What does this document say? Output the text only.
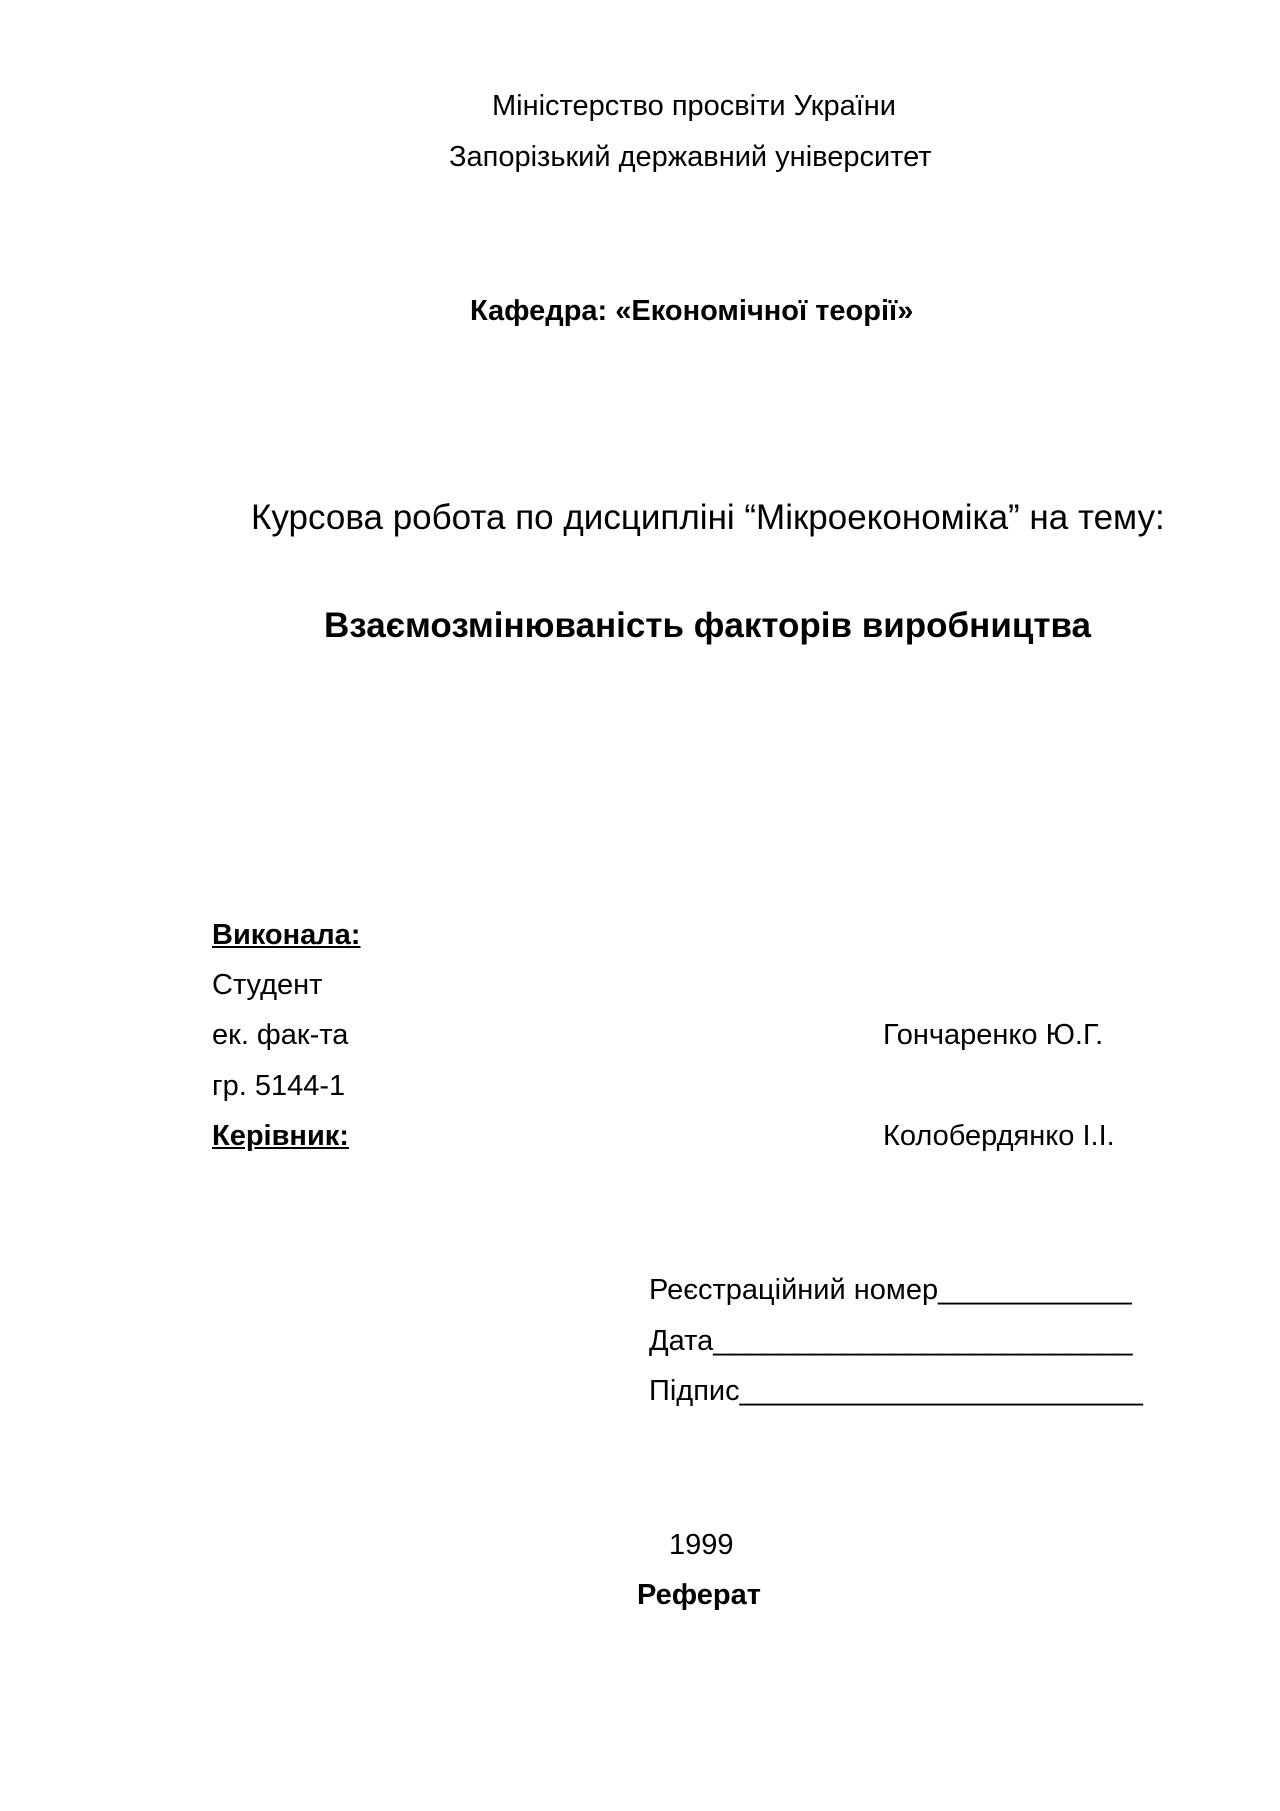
Міністерство просвіти України
Запорізький державний університет
Кафедра: «Економічної теорії»
Курсова робота по дисципліні “Мікроекономіка” на тему:
Взаємозмінюваність факторів виробництва
Виконала:
Студент
ек. фак-та
гр. 5144-1
Керівник:
Гончаренко Ю.Г.
Колобердянко І.І.
Реєстраційний номер____________
Дата__________________________
Підпис_________________________
1999
Реферат
